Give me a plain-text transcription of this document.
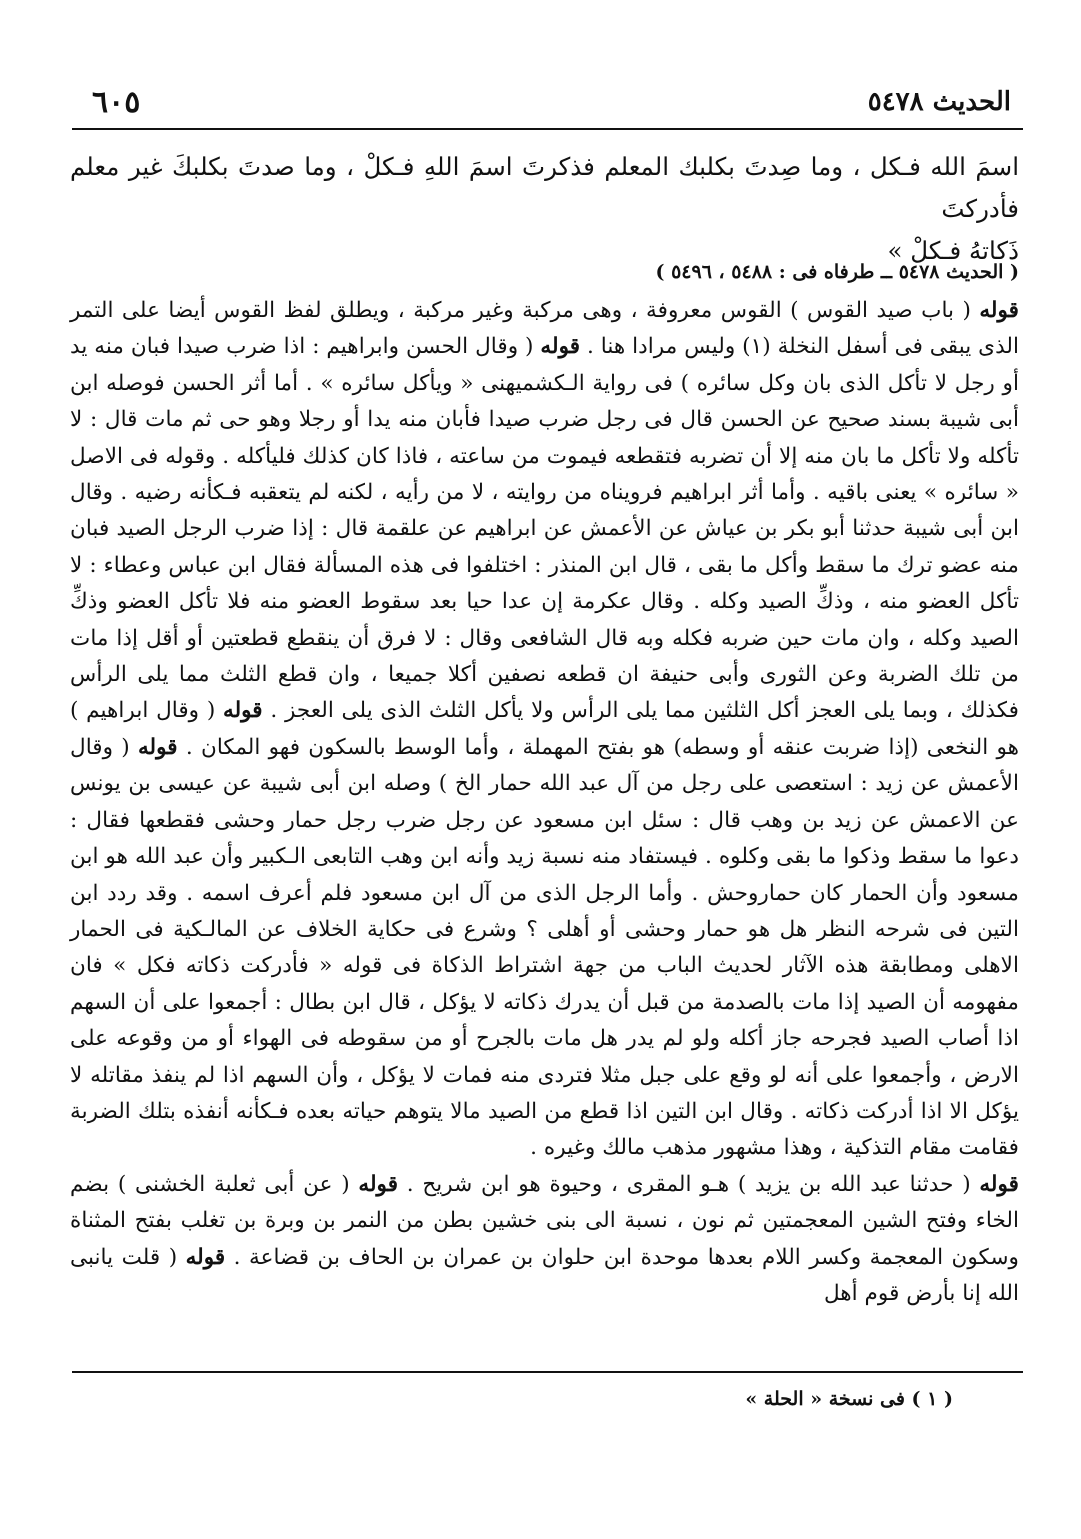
٦٠٥	الحديث ٥٤٧٨

اسمَ الله فـكل ، وما صِدتَ بكلبك المعلم فذكرتَ اسمَ اللهِ فـكلْ ، وما صدتَ بكلبكَ غير معلم فأدركتَ

ذَكاتهُ فـكلْ »

( الحديث ٥٤٧٨ ــ طرفاه فى : ٥٤٨٨ ، ٥٤٩٦ )

قوله ( باب صيد القوس ) القوس معروفة ، وهى مركبة وغير مركبة ، ويطلق لفظ القوس أيضا على التمر الذى يبقى فى أسفل النخلة (١) وليس مرادا هنا . قوله ( وقال الحسن وابراهيم : اذا ضرب صيدا فبان منه يد أو رجل لا تأكل الذى بان وكل سائره ) فى رواية الـكشميهنى « ويأكل سائره » . أما أثر الحسن فوصله ابن أبى شيبة بسند صحيح عن الحسن قال فى رجل ضرب صيدا فأبان منه يدا أو رجلا وهو حى ثم مات قال : لا تأكله ولا تأكل ما بان منه إلا أن تضربه فتقطعه فيموت من ساعته ، فاذا كان كذلك فليأكله . وقوله فى الاصل « سائره » يعنى باقيه . وأما أثر ابراهيم فرويناه من روايته ، لا من رأيه ، لكنه لم يتعقبه فـكأنه رضيه . وقال ابن أبى شيبة حدثنا أبو بكر بن عياش عن الأعمش عن ابراهيم عن علقمة قال : إذا ضرب الرجل الصيد فبان منه عضو ترك ما سقط وأكل ما بقى ، قال ابن المنذر : اختلفوا فى هذه المسألة فقال ابن عباس وعطاء : لا تأكل العضو منه ، وذكِّ الصيد وكله . وقال عكرمة إن عدا حيا بعد سقوط العضو منه فلا تأكل العضو وذكِّ الصيد وكله ، وان مات حين ضربه فكله وبه قال الشافعى وقال : لا فرق أن ينقطع قطعتين أو أقل إذا مات من تلك الضربة وعن الثورى وأبى حنيفة ان قطعه نصفين أكلا جميعا ، وان قطع الثلث مما يلى الرأس فكذلك ، وبما يلى العجز أكل الثلثين مما يلى الرأس ولا يأكل الثلث الذى يلى العجز . قوله ( وقال ابراهيم ) هو النخعى (إذا ضربت عنقه أو وسطه) هو بفتح المهملة ، وأما الوسط بالسكون فهو المكان . قوله ( وقال الأعمش عن زيد : استعصى على رجل من آل عبد الله حمار الخ ) وصله ابن أبى شيبة عن عيسى بن يونس عن الاعمش عن زيد بن وهب قال : سئل ابن مسعود عن رجل ضرب رجل حمار وحشى فقطعها فقال : دعوا ما سقط وذكوا ما بقى وكلوه . فيستفاد منه نسبة زيد وأنه ابن وهب التابعى الـكبير وأن عبد الله هو ابن مسعود وأن الحمار كان حماروحش . وأما الرجل الذى من آل ابن مسعود فلم أعرف اسمه . وقد ردد ابن التين فى شرحه النظر هل هو حمار وحشى أو أهلى ؟ وشرع فى حكاية الخلاف عن المالـكية فى الحمار الاهلى ومطابقة هذه الآثار لحديث الباب من جهة اشتراط الذكاة فى قوله « فأدركت ذكاته فكل » فان مفهومه أن الصيد إذا مات بالصدمة من قبل أن يدرك ذكاته لا يؤكل ، قال ابن بطال : أجمعوا على أن السهم اذا أصاب الصيد فجرحه جاز أكله ولو لم يدر هل مات بالجرح أو من سقوطه فى الهواء أو من وقوعه على الارض ، وأجمعوا على أنه لو وقع على جبل مثلا فتردى منه فمات لا يؤكل ، وأن السهم اذا لم ينفذ مقاتله لا يؤكل الا اذا أدركت ذكاته . وقال ابن التين اذا قطع من الصيد مالا يتوهم حياته بعده فـكأنه أنفذه بتلك الضربة فقامت مقام التذكية ، وهذا مشهور مذهب مالك وغيره .

قوله ( حدثنا عبد الله بن يزيد ) هـو المقرى ، وحيوة هو ابن شريح . قوله ( عن أبى ثعلبة الخشنى ) بضم الخاء وفتح الشين المعجمتين ثم نون ، نسبة الى بنى خشين بطن من النمر بن وبرة بن تغلب بفتح المثناة وسكون المعجمة وكسر اللام بعدها موحدة ابن حلوان بن عمران بن الحاف بن قضاعة . قوله ( قلت يانبى الله إنا بأرض قوم أهل

( ١ ) فى نسخة « الحلة »
